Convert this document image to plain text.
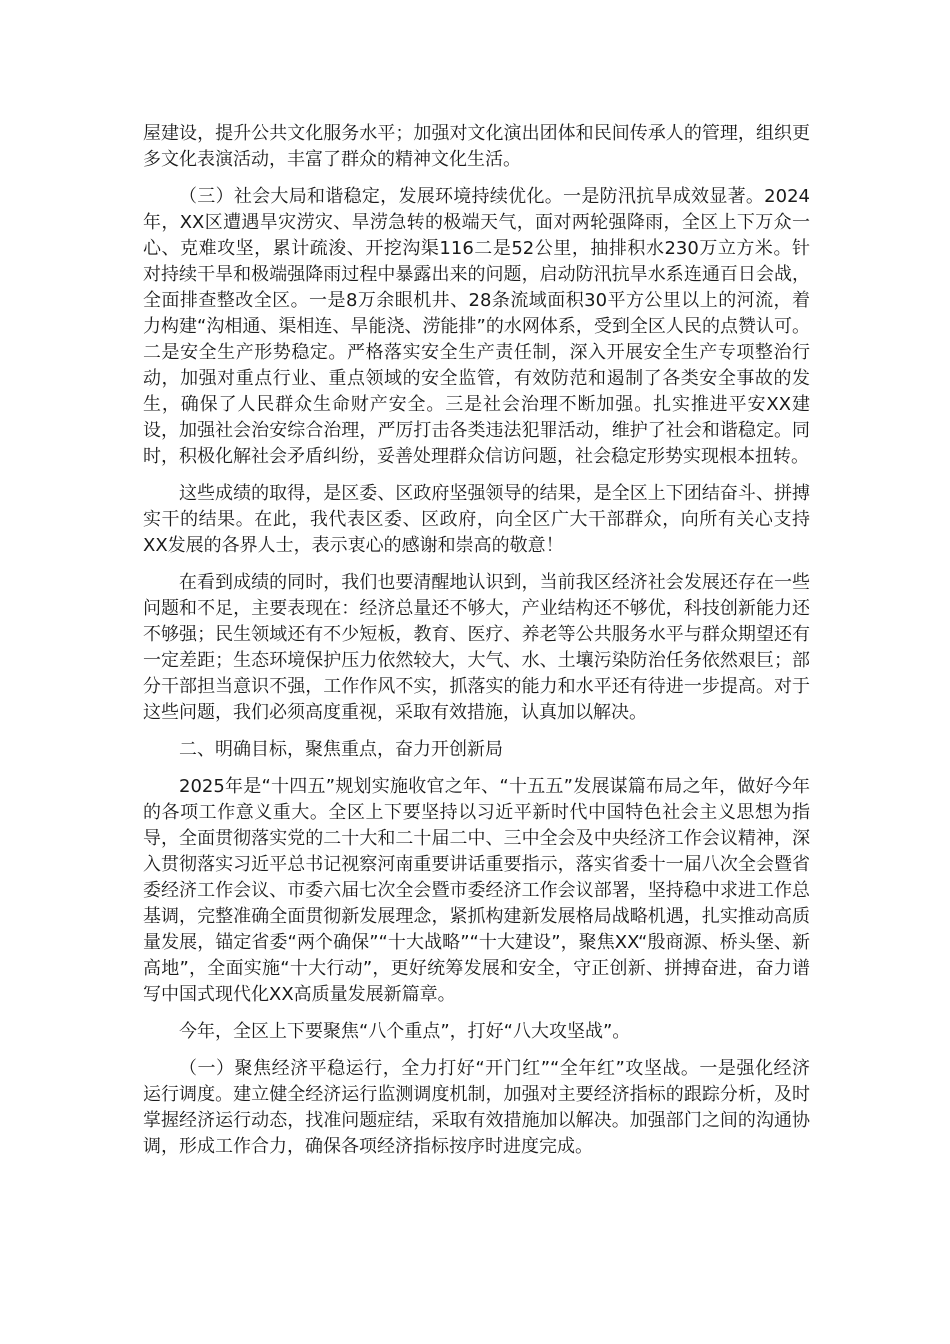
屋建设，提升公共文化服务水平；加强对文化演出团体和民间传承人的管理，组织更多文化表演活动，丰富了群众的精神文化生活。

（三）社会大局和谐稳定，发展环境持续优化。一是防汛抗旱成效显著。2024年，XX区遭遇旱灾涝灾、旱涝急转的极端天气，面对两轮强降雨，全区上下万众一心、克难攻坚，累计疏浚、开挖沟渠116二是52公里，抽排积水230万立方米。针对持续干旱和极端强降雨过程中暴露出来的问题，启动防汛抗旱水系连通百日会战，全面排查整改全区。一是8万余眼机井、28条流域面积30平方公里以上的河流，着力构建“沟相通、渠相连、旱能浇、涝能排”的水网体系，受到全区人民的点赞认可。二是安全生产形势稳定。严格落实安全生产责任制，深入开展安全生产专项整治行动，加强对重点行业、重点领域的安全监管，有效防范和遏制了各类安全事故的发生，确保了人民群众生命财产安全。三是社会治理不断加强。扎实推进平安XX建设，加强社会治安综合治理，严厉打击各类违法犯罪活动，维护了社会和谐稳定。同时，积极化解社会矛盾纠纷，妥善处理群众信访问题，社会稳定形势实现根本扭转。

这些成绩的取得，是区委、区政府坚强领导的结果，是全区上下团结奋斗、拼搏实干的结果。在此，我代表区委、区政府，向全区广大干部群众，向所有关心支持XX发展的各界人士，表示衷心的感谢和崇高的敬意！

在看到成绩的同时，我们也要清醒地认识到，当前我区经济社会发展还存在一些问题和不足，主要表现在：经济总量还不够大，产业结构还不够优，科技创新能力还不够强；民生领域还有不少短板，教育、医疗、养老等公共服务水平与群众期望还有一定差距；生态环境保护压力依然较大，大气、水、土壤污染防治任务依然艰巨；部分干部担当意识不强，工作作风不实，抓落实的能力和水平还有待进一步提高。对于这些问题，我们必须高度重视，采取有效措施，认真加以解决。

二、明确目标，聚焦重点，奋力开创新局

2025年是“十四五”规划实施收官之年、“十五五”发展谋篇布局之年，做好今年的各项工作意义重大。全区上下要坚持以习近平新时代中国特色社会主义思想为指导，全面贯彻落实党的二十大和二十届二中、三中全会及中央经济工作会议精神，深入贯彻落实习近平总书记视察河南重要讲话重要指示，落实省委十一届八次全会暨省委经济工作会议、市委六届七次全会暨市委经济工作会议部署，坚持稳中求进工作总基调，完整准确全面贯彻新发展理念，紧抓构建新发展格局战略机遇，扎实推动高质量发展，锚定省委“两个确保”“十大战略”“十大建设”，聚焦XX“殷商源、桥头堡、新高地”，全面实施“十大行动”，更好统筹发展和安全，守正创新、拼搏奋进，奋力谱写中国式现代化XX高质量发展新篇章。

今年，全区上下要聚焦“八个重点”，打好“八大攻坚战”。

（一）聚焦经济平稳运行，全力打好“开门红”“全年红”攻坚战。一是强化经济运行调度。建立健全经济运行监测调度机制，加强对主要经济指标的跟踪分析，及时掌握经济运行动态，找准问题症结，采取有效措施加以解决。加强部门之间的沟通协调，形成工作合力，确保各项经济指标按序时进度完成。
